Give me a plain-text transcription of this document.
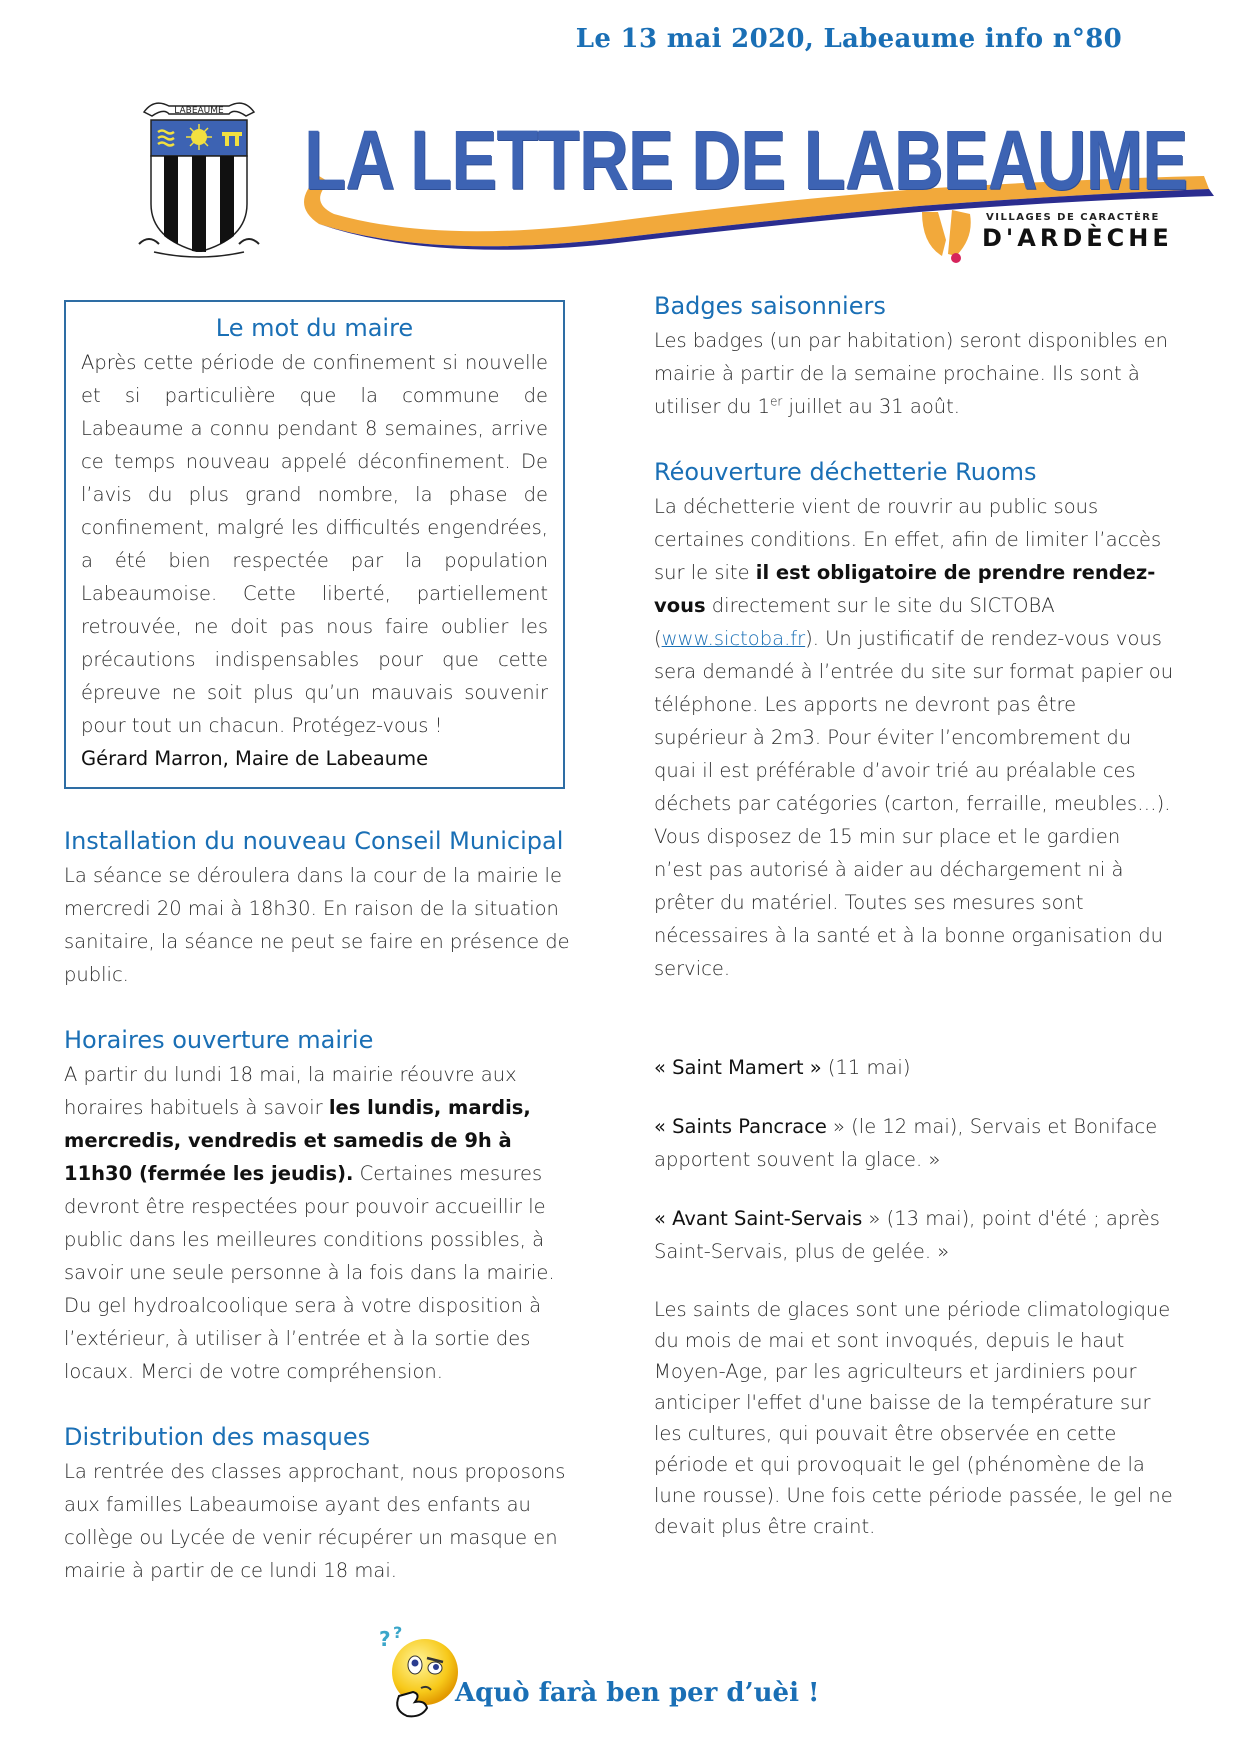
Le 13 mai 2020, Labeaume info n°80
LABEAUME
LA LETTRE DE LABEAUME
VILLAGES DE CARACTÈRE
D'ARDÈCHE
Le mot du maire

Après cette période de confinement si nouvelle et si particulière que la commune de Labeaume a connu pendant 8 semaines, arrive ce temps nouveau appelé déconfinement. De l’avis du plus grand nombre, la phase de confinement, malgré les difficultés engendrées, a été bien respectée par la population Labeaumoise. Cette liberté, partiellement retrouvée, ne doit pas nous faire oublier les précautions indispensables pour que cette épreuve ne soit plus qu’un mauvais souvenir pour tout un chacun. Protégez-vous !

Gérard Marron, Maire de Labeaume

Installation du nouveau Conseil Municipal

La séance se déroulera dans la cour de la mairie le mercredi 20 mai à 18h30. En raison de la situation sanitaire, la séance ne peut se faire en présence de public.

Horaires ouverture mairie

A partir du lundi 18 mai, la mairie réouvre aux horaires habituels à savoir les lundis, mardis, mercredis, vendredis et samedis de 9h à 11h30 (fermée les jeudis). Certaines mesures devront être respectées pour pouvoir accueillir le public dans les meilleures conditions possibles, à savoir une seule personne à la fois dans la mairie. Du gel hydroalcoolique sera à votre disposition à l’extérieur, à utiliser à l’entrée et à la sortie des locaux. Merci de votre compréhension.

Distribution des masques

La rentrée des classes approchant, nous proposons aux familles Labeaumoise ayant des enfants au collège ou Lycée de venir récupérer un masque en mairie à partir de ce lundi 18 mai.

Badges saisonniers

Les badges (un par habitation) seront disponibles en mairie à partir de la semaine prochaine. Ils sont à utiliser du 1er juillet au 31 août.

Réouverture déchetterie Ruoms

La déchetterie vient de rouvrir au public sous certaines conditions. En effet, afin de limiter l’accès sur le site il est obligatoire de prendre rendez-vous directement sur le site du SICTOBA (www.sictoba.fr). Un justificatif de rendez-vous vous sera demandé à l’entrée du site sur format papier ou téléphone. Les apports ne devront pas être supérieur à 2m3. Pour éviter l’encombrement du quai il est préférable d’avoir trié au préalable ces déchets par catégories (carton, ferraille, meubles…). Vous disposez de 15 min sur place et le gardien n’est pas autorisé à aider au déchargement ni à prêter du matériel. Toutes ses mesures sont nécessaires à la santé et à la bonne organisation du service.

« Saint Mamert » (11 mai)

« Saints Pancrace » (le 12 mai), Servais et Boniface apportent souvent la glace. »

« Avant Saint-Servais » (13 mai), point d'été ; après Saint-Servais, plus de gelée. »

Les saints de glaces sont une période climatologique du mois de mai et sont invoqués, depuis le haut Moyen-Age, par les agriculteurs et jardiniers pour anticiper l'effet d'une baisse de la température sur les cultures, qui pouvait être observée en cette période et qui provoquait le gel (phénomène de la lune rousse). Une fois cette période passée, le gel ne devait plus être craint.

? ?
Aquò farà ben per d’uèi !
